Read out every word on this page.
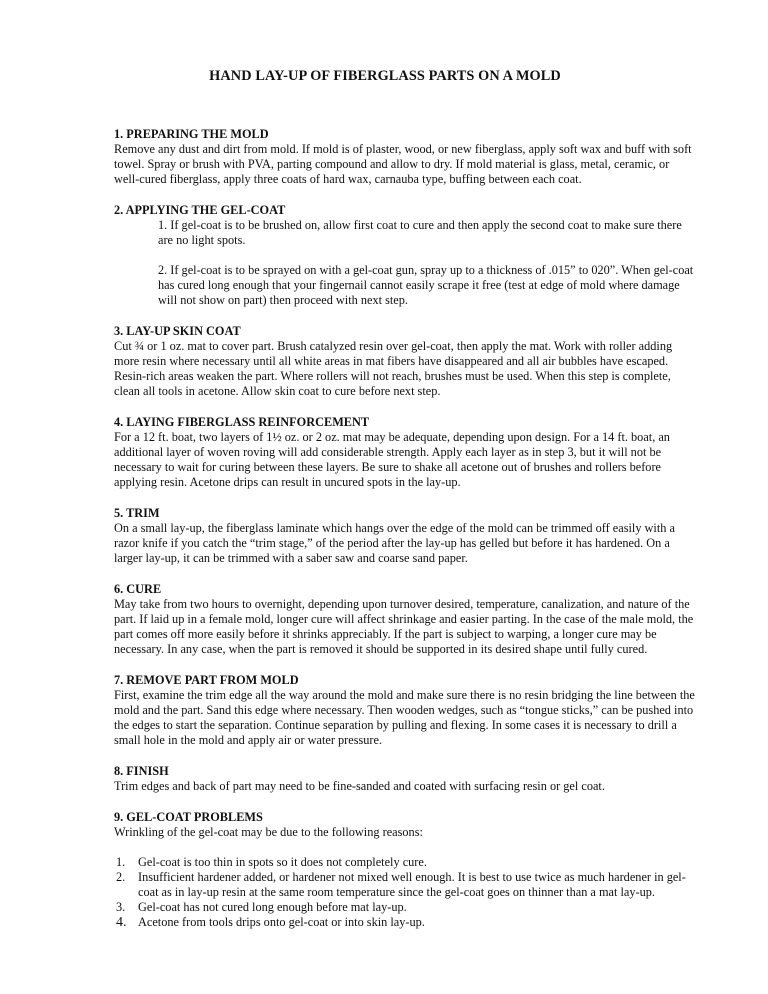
HAND LAY-UP OF FIBERGLASS PARTS ON A MOLD

1. PREPARING THE MOLD

Remove any dust and dirt from mold. If mold is of plaster, wood, or new fiberglass, apply soft wax and buff with soft towel. Spray or brush with PVA, parting compound and allow to dry. If mold material is glass, metal, ceramic, or well-cured fiberglass, apply three coats of hard wax, carnauba type, buffing between each coat.

2. APPLYING THE GEL-COAT

1. If gel-coat is to be brushed on, allow first coat to cure and then apply the second coat to make sure there are no light spots.

2. If gel-coat is to be sprayed on with a gel-coat gun, spray up to a thickness of .015” to 020”. When gel-coat has cured long enough that your fingernail cannot easily scrape it free (test at edge of mold where damage will not show on part) then proceed with next step.

3. LAY-UP SKIN COAT

Cut ¾ or 1 oz. mat to cover part. Brush catalyzed resin over gel-coat, then apply the mat. Work with roller adding more resin where necessary until all white areas in mat fibers have disappeared and all air bubbles have escaped. Resin-rich areas weaken the part. Where rollers will not reach, brushes must be used. When this step is complete, clean all tools in acetone. Allow skin coat to cure before next step.

4. LAYING FIBERGLASS REINFORCEMENT

For a 12 ft. boat, two layers of 1½ oz. or 2 oz. mat may be adequate, depending upon design. For a 14 ft. boat, an additional layer of woven roving will add considerable strength. Apply each layer as in step 3, but it will not be necessary to wait for curing between these layers. Be sure to shake all acetone out of brushes and rollers before applying resin. Acetone drips can result in uncured spots in the lay-up.

5. TRIM

On a small lay-up, the fiberglass laminate which hangs over the edge of the mold can be trimmed off easily with a razor knife if you catch the “trim stage,” of the period after the lay-up has gelled but before it has hardened. On a larger lay-up, it can be trimmed with a saber saw and coarse sand paper.

6. CURE

May take from two hours to overnight, depending upon turnover desired, temperature, canalization, and nature of the part. If laid up in a female mold, longer cure will affect shrinkage and easier parting. In the case of the male mold, the part comes off more easily before it shrinks appreciably. If the part is subject to warping, a longer cure may be necessary. In any case, when the part is removed it should be supported in its desired shape until fully cured.

7. REMOVE PART FROM MOLD

First, examine the trim edge all the way around the mold and make sure there is no resin bridging the line between the mold and the part. Sand this edge where necessary. Then wooden wedges, such as “tongue sticks,” can be pushed into the edges to start the separation. Continue separation by pulling and flexing. In some cases it is necessary to drill a small hole in the mold and apply air or water pressure.

8. FINISH

Trim edges and back of part may need to be fine-sanded and coated with surfacing resin or gel coat.

9. GEL-COAT PROBLEMS

Wrinkling of the gel-coat may be due to the following reasons:

1.	Gel-coat is too thin in spots so it does not completely cure.
2.	Insufficient hardener added, or hardener not mixed well enough. It is best to use twice as much hardener in gel-coat as in lay-up resin at the same room temperature since the gel-coat goes on thinner than a mat lay-up.
3.	Gel-coat has not cured long enough before mat lay-up.
4. Acetone from tools drips onto gel-coat or into skin lay-up.
